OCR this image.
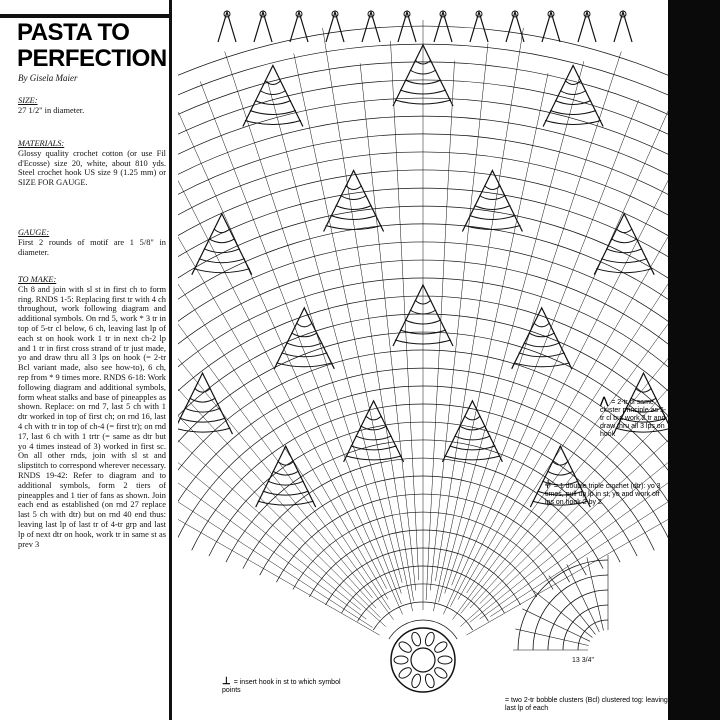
PASTA TO PERFECTION
By Gisela Maier
SIZE:
27 1/2" in diameter.
MATERIALS:
Glossy quality crochet cotton (or use Fil d'Ecosse) size 20, white, about 810 yds. Steel crochet hook US size 9 (1.25 mm) or SIZE FOR GAUGE.
GAUGE:
First 2 rounds of motif are 1 5/8" in diameter.
TO MAKE:
Ch 8 and join with sl st in first ch to form ring. RNDS 1-5: Replacing first tr with 4 ch throughout, work following diagram and additional symbols. On rnd 5, work * 3 tr in top of 5-tr cl below, 6 ch, leaving last lp of each st on hook work 1 tr in next ch-2 lp and 1 tr in first cross strand of tr just made, yo and draw thru all 3 lps on hook (= 2-tr Bcl variant made, also see how-to), 6 ch, rep from * 9 times more. RNDS 6-18: Work following diagram and additional symbols, form wheat stalks and base of pineapples as shown. Replace: on rnd 7, last 5 ch with 1 dtr worked in top of first ch; on rnd 16, last 4 ch with tr in top of ch-4 (= first tr); on rnd 17, last 6 ch with 1 trtr (= same as dtr but yo 4 times instead of 3) worked in first sc. On all other rnds, join with sl st and slipstitch to correspond wherever necessary. RNDS 19-42: Refer to diagram and to additional symbols, form 2 tiers of pineapples and 1 tier of fans as shown. Join each end as established (on rnd 27 replace last 5 ch with dtr) but on rnd 40 end thus: leaving last lp of last tr of 4-tr grp and last lp of next dtr on hook, work tr in same st as prev 3
⋀ = 2-tr cl same cluster principle as 5-tr cl but work 2 tr and draw thru all 3 lps on hook
⫩ = 1 double triple crochet (dtr): yo 3 times, pull up lp in st, yo and work off lps on hook 2 by 2
⊥ = insert hook in st to which symbol points
= two 2-tr bobble clusters (Bcl) clustered tog: leaving last lp of each
13 3/4"
